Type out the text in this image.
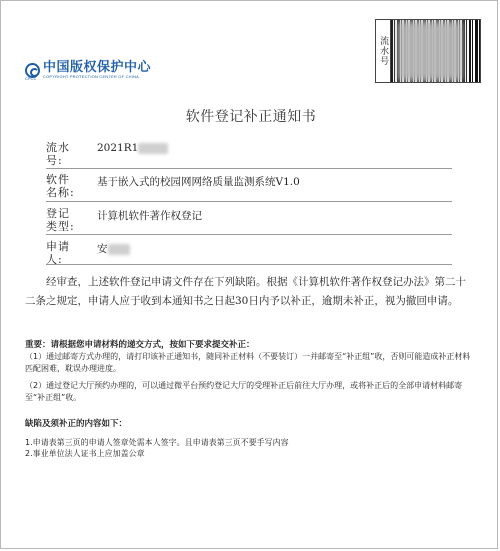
中国版权保护中心
COPYRIGHT PROTECTION CENTER OF CHINA
CPCC
流水号
软件登记补正通知书
流水号:
2021R1
软件名称:
基于嵌入式的校园网网络质量监测系统V1.0
登记类型:
计算机软件著作权登记
申请人:
安
经审查，上述软件登记申请文件存在下列缺陷。根据《计算机软件著作权登记办法》第二十二条之规定，申请人应于收到本通知书之日起30日内予以补正，逾期未补正，视为撤回申请。
重要：请根据您申请材料的递交方式，按如下要求提交补正：
（1）通过邮寄方式办理的，请打印该补正通知书，随同补正材料（不要装订）一并邮寄至“补正组”收，否则可能造成补正材料匹配困难，耽误办理进度。
（2）通过登记大厅预约办理的，可以通过微平台预约登记大厅的受理补正后前往大厅办理，或将补正后的全部申请材料邮寄至“补正组”收。
缺陷及须补正的内容如下：
1.申请表第三页的申请人签章处需本人签字。且申请表第三页不要手写内容
2.事业单位法人证书上应加盖公章
